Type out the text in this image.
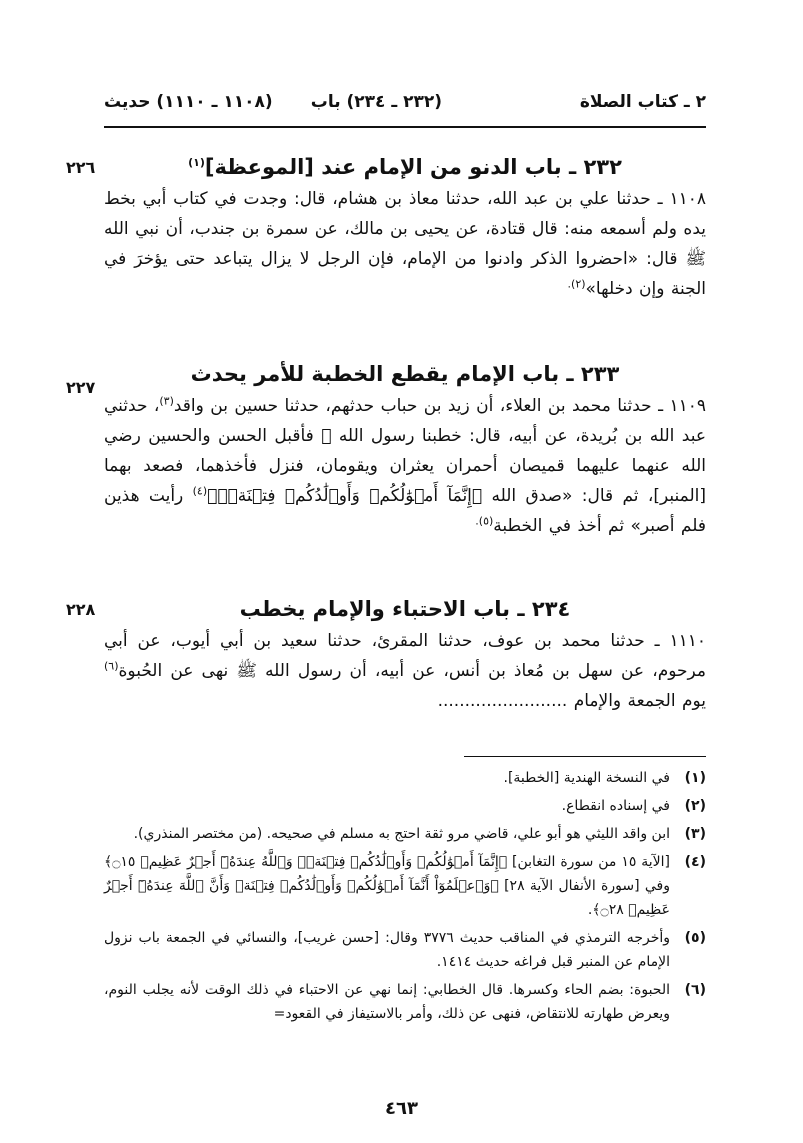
٢ ـ كتاب الصلاة
(٢٣٢ ـ ٢٣٤) باب
(١١٠٨ ـ ١١١٠) حديث
٢٢٦	٢٣٢ ـ باب الدنو من الإمام عند [الموعظة]$^{(١)}$

١١٠٨ ـ حدثنا علي بن عبد الله، حدثنا معاذ بن هشام، قال: وجدت في كتاب أبي بخط يده ولم أسمعه منه: قال قتادة، عن يحيى بن مالك، عن سمرة بن جندب، أن نبي الله ﷺ قال: «احضروا الذكر وادنوا من الإمام، فإن الرجل لا يزال يتباعد حتى يؤخرَ في الجنة وإن دخلها»$^{(٢).}$

٢٢٧
٢٣٣ ـ باب الإمام يقطع الخطبة للأمر يحدث

١١٠٩ ـ حدثنا محمد بن العلاء، أن زيد بن حباب حدثهم، حدثنا حسين بن واقد$^{(٣)}$، حدثني عبد الله بن بُريدة، عن أبيه، قال: خطبنا رسول الله ﷺ فأقبل الحسن والحسين رضي الله عنهما عليهما قميصان أحمران يعثران ويقومان، فنزل فأخذهما، فصعد بهما [المنبر]، ثم قال: «صدق الله ﴿إِنَّمَآ أَمۡوَٰلُكُمۡ وَأَوۡلَٰدُكُمۡ فِتۡنَةٞۚ﴾$^{(٤)}$ رأيت هذين فلم أصبر» ثم أخذ في الخطبة$^{(٥).}$

٢٢٨	٢٣٤ ـ باب الاحتباء والإمام يخطب

١١١٠ ـ حدثنا محمد بن عوف، حدثنا المقرئ، حدثنا سعيد بن أبي أيوب، عن أبي مرحوم، عن سهل بن مُعاذ بن أنس، عن أبيه، أن رسول الله ﷺ نهى عن الحُبوة$^{(٦)}$ يوم الجمعة والإمام ........................

(١)
في النسخة الهندية [الخطبة].

(٢)
في إسناده انقطاع.

(٣)
ابن واقد الليثي هو أبو علي، قاضي مرو ثقة احتج به مسلم في صحيحه. (من مختصر المنذري).

(٤)
[الآية ١٥ من سورة التغابن] ﴿إِنَّمَآ أَمۡوَٰلُكُمۡ وَأَوۡلَٰدُكُمۡ فِتۡنَةٞۚ وَٱللَّهُ عِندَهُۥٓ أَجۡرٌ عَظِيمٞ ۝١٥﴾ وفي [سورة الأنفال الآية ٢٨] ﴿وَٱعۡلَمُوٓاْ أَنَّمَآ أَمۡوَٰلُكُمۡ وَأَوۡلَٰدُكُمۡ فِتۡنَةٞ وَأَنَّ ٱللَّهَ عِندَهُۥٓ أَجۡرٌ عَظِيمٞ ۝٢٨﴾.

(٥)
وأخرجه الترمذي في المناقب حديث ٣٧٧٦ وقال: [حسن غريب]، والنسائي في الجمعة باب نزول الإمام عن المنبر قبل فراغه حديث ١٤١٤.

(٦)
الحبوة: بضم الحاء وكسرها. قال الخطابي: إنما نهي عن الاحتباء في ذلك الوقت لأنه يجلب النوم، ويعرض طهارته للانتقاض، فنهى عن ذلك، وأمر بالاستيفاز في القعود=

٤٦٣
